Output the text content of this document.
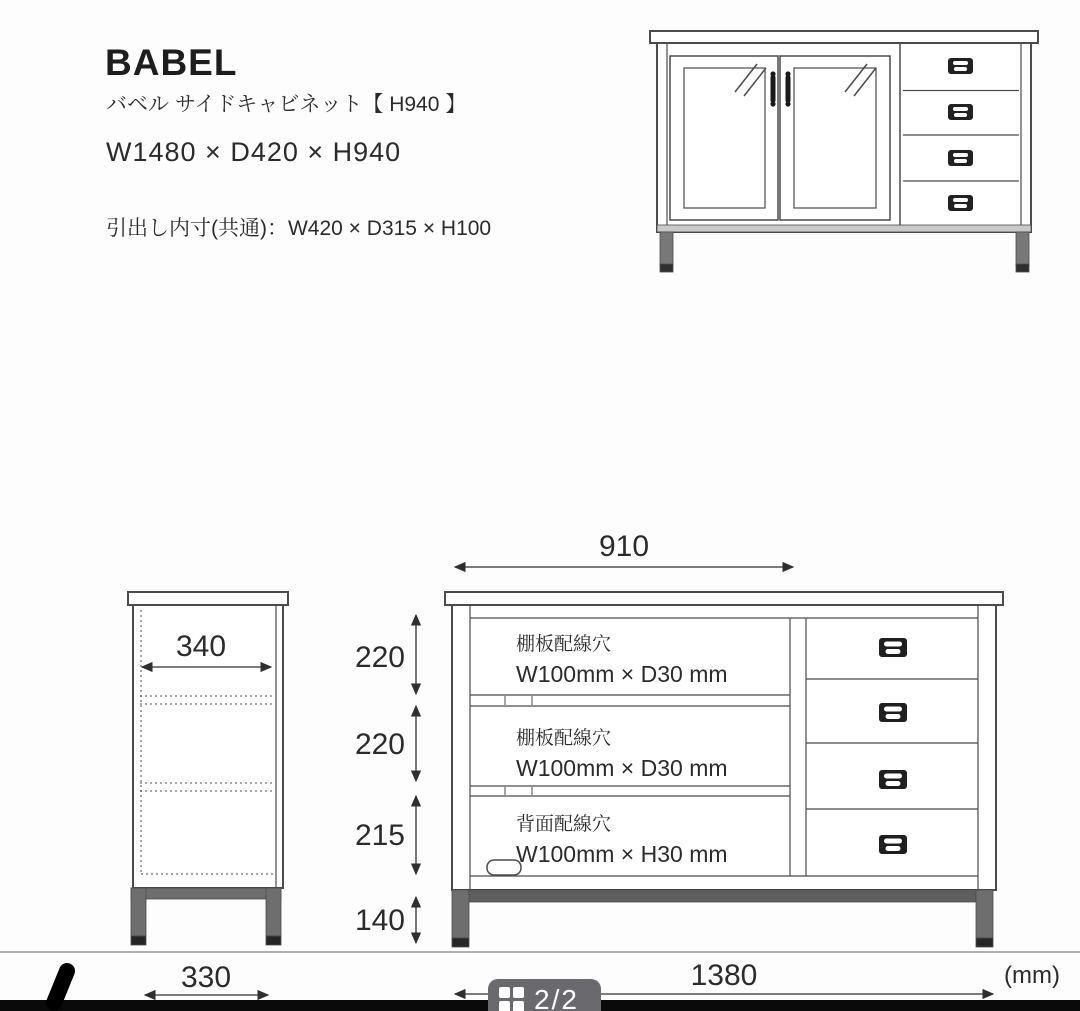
BABEL
バベル サイドキャビネット【 H940 】
W1480 × D420 × H940
引出し内寸(共通)：W420 × D315 × H100
340
330
棚板配線穴
W100mm × D30 mm
棚板配線穴
W100mm × D30 mm
背面配線穴
W100mm × H30 mm
910
220
220
215
140
1380	(mm)
2/2
